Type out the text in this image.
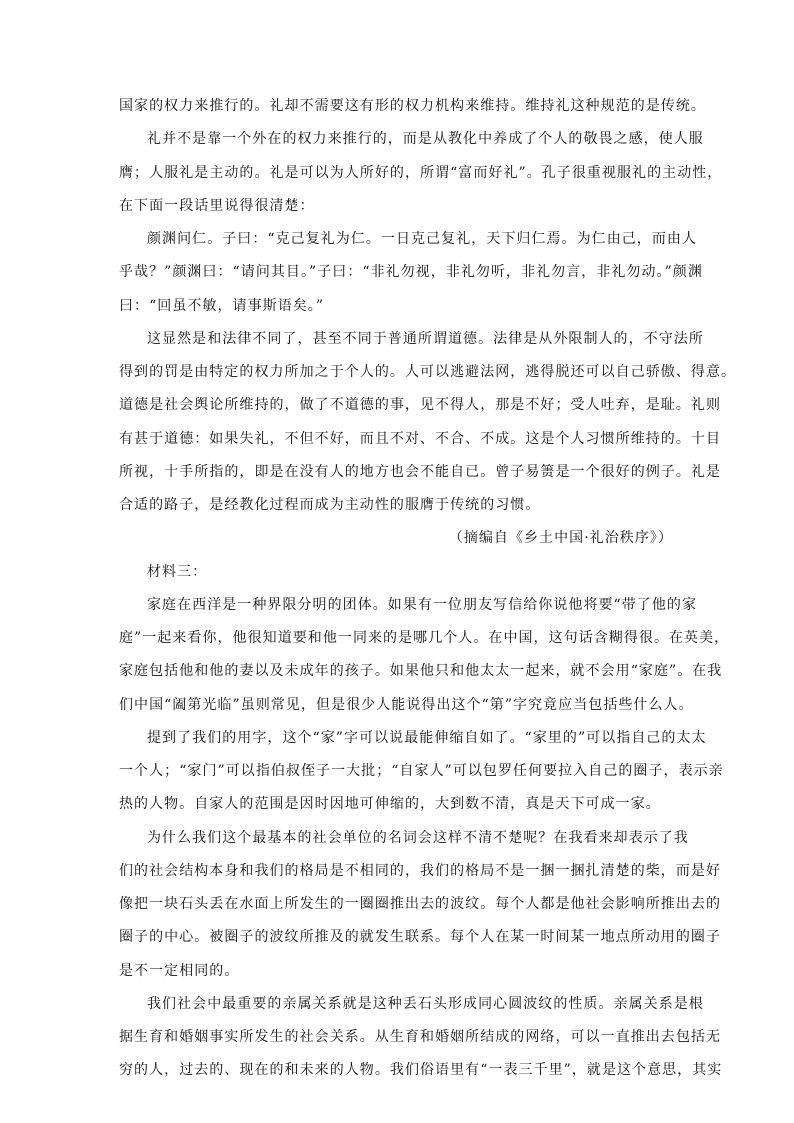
国家的权力来推行的。礼却不需要这有形的权力机构来维持。维持礼这种规范的是传统。
礼并不是靠一个外在的权力来推行的，而是从教化中养成了个人的敬畏之感，使人服
膺；人服礼是主动的。礼是可以为人所好的，所谓“富而好礼”。孔子很重视服礼的主动性，
在下面一段话里说得很清楚：
颜渊问仁。子曰：“克己复礼为仁。一日克己复礼，天下归仁焉。为仁由己，而由人
乎哉？”颜渊曰：“请问其目。”子曰：“非礼勿视，非礼勿听，非礼勿言，非礼勿动。”颜渊
曰：“回虽不敏，请事斯语矣。”
这显然是和法律不同了，甚至不同于普通所谓道德。法律是从外限制人的，不守法所
得到的罚是由特定的权力所加之于个人的。人可以逃避法网，逃得脱还可以自己骄傲、得意。
道德是社会舆论所维持的，做了不道德的事，见不得人，那是不好；受人吐弃，是耻。礼则
有甚于道德：如果失礼，不但不好，而且不对、不合、不成。这是个人习惯所维持的。十目
所视，十手所指的，即是在没有人的地方也会不能自已。曾子易箦是一个很好的例子。礼是
合适的路子，是经教化过程而成为主动性的服膺于传统的习惯。
（摘编自《乡土中国·礼治秩序》）
材料三：
家庭在西洋是一种界限分明的团体。如果有一位朋友写信给你说他将要“带了他的家
庭”一起来看你，他很知道要和他一同来的是哪几个人。在中国，这句话含糊得很。在英美，
家庭包括他和他的妻以及未成年的孩子。如果他只和他太太一起来，就不会用“家庭”。在我
们中国“阖第光临”虽则常见，但是很少人能说得出这个“第”字究竟应当包括些什么人。
提到了我们的用字，这个“家”字可以说最能伸缩自如了。“家里的”可以指自己的太太
一个人；“家门”可以指伯叔侄子一大批；“自家人”可以包罗任何要拉入自己的圈子，表示亲
热的人物。自家人的范围是因时因地可伸缩的，大到数不清，真是天下可成一家。
为什么我们这个最基本的社会单位的名词会这样不清不楚呢？在我看来却表示了我
们的社会结构本身和我们的格局是不相同的，我们的格局不是一捆一捆扎清楚的柴，而是好
像把一块石头丢在水面上所发生的一圈圈推出去的波纹。每个人都是他社会影响所推出去的
圈子的中心。被圈子的波纹所推及的就发生联系。每个人在某一时间某一地点所动用的圈子
是不一定相同的。
我们社会中最重要的亲属关系就是这种丢石头形成同心圆波纹的性质。亲属关系是根
据生育和婚姻事实所发生的社会关系。从生育和婚姻所结成的网络，可以一直推出去包括无
穷的人，过去的、现在的和未来的人物。我们俗语里有“一表三千里”，就是这个意思，其实
